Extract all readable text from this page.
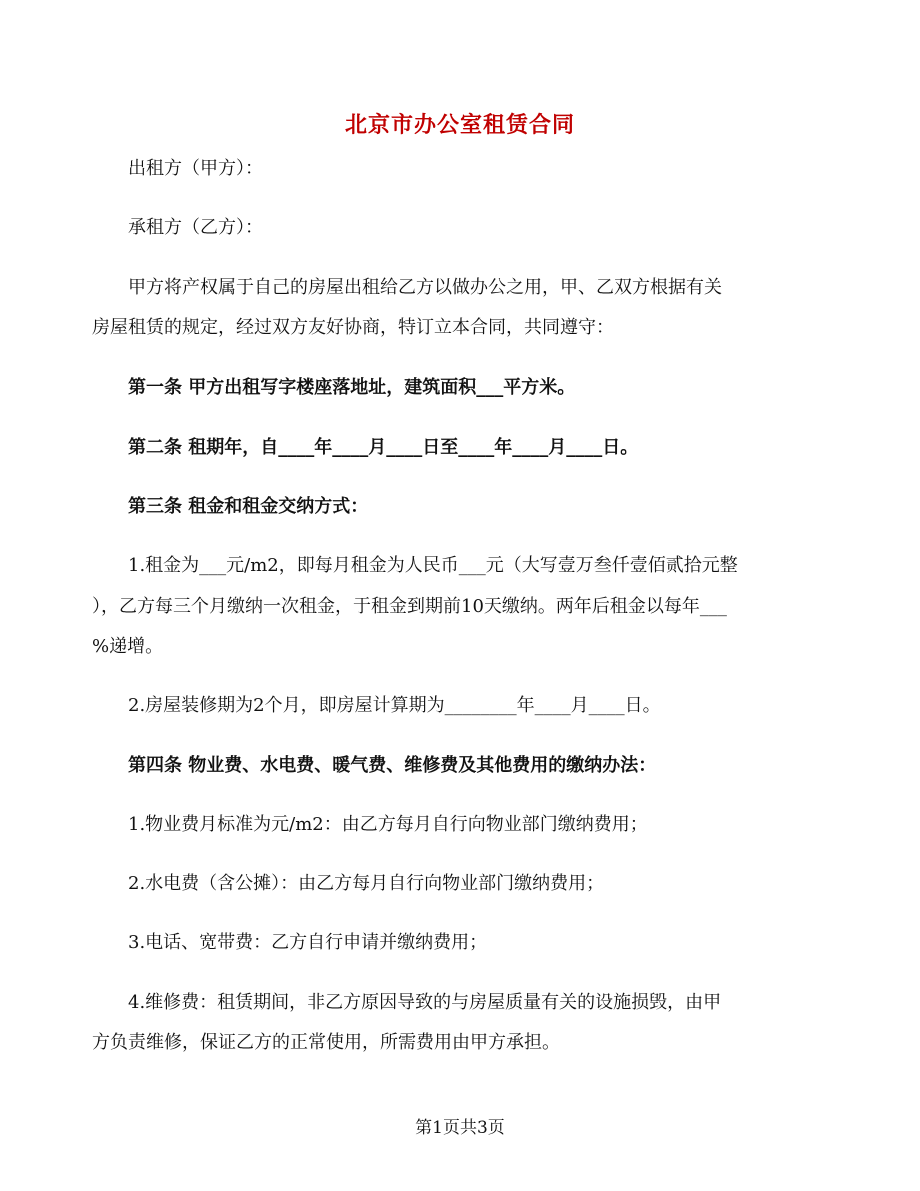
北京市办公室租赁合同
出租方（甲方）：
承租方（乙方）：
甲方将产权属于自己的房屋出租给乙方以做办公之用，甲、乙双方根据有关
房屋租赁的规定，经过双方友好协商，特订立本合同，共同遵守：
第一条 甲方出租写字楼座落地址，建筑面积___平方米。
第二条 租期年，自____年____月____日至____年____月____日。
第三条 租金和租金交纳方式：
1.租金为___元/m2，即每月租金为人民币___元（大写壹万叁仟壹佰贰拾元整
），乙方每三个月缴纳一次租金，于租金到期前10天缴纳。两年后租金以每年___
%递增。
2.房屋装修期为2个月，即房屋计算期为________年____月____日。
第四条 物业费、水电费、暖气费、维修费及其他费用的缴纳办法：
1.物业费月标准为元/m2：由乙方每月自行向物业部门缴纳费用；
2.水电费（含公摊）：由乙方每月自行向物业部门缴纳费用；
3.电话、宽带费：乙方自行申请并缴纳费用；
4.维修费：租赁期间，非乙方原因导致的与房屋质量有关的设施损毁，由甲
方负责维修，保证乙方的正常使用，所需费用由甲方承担。
第1页共3页
